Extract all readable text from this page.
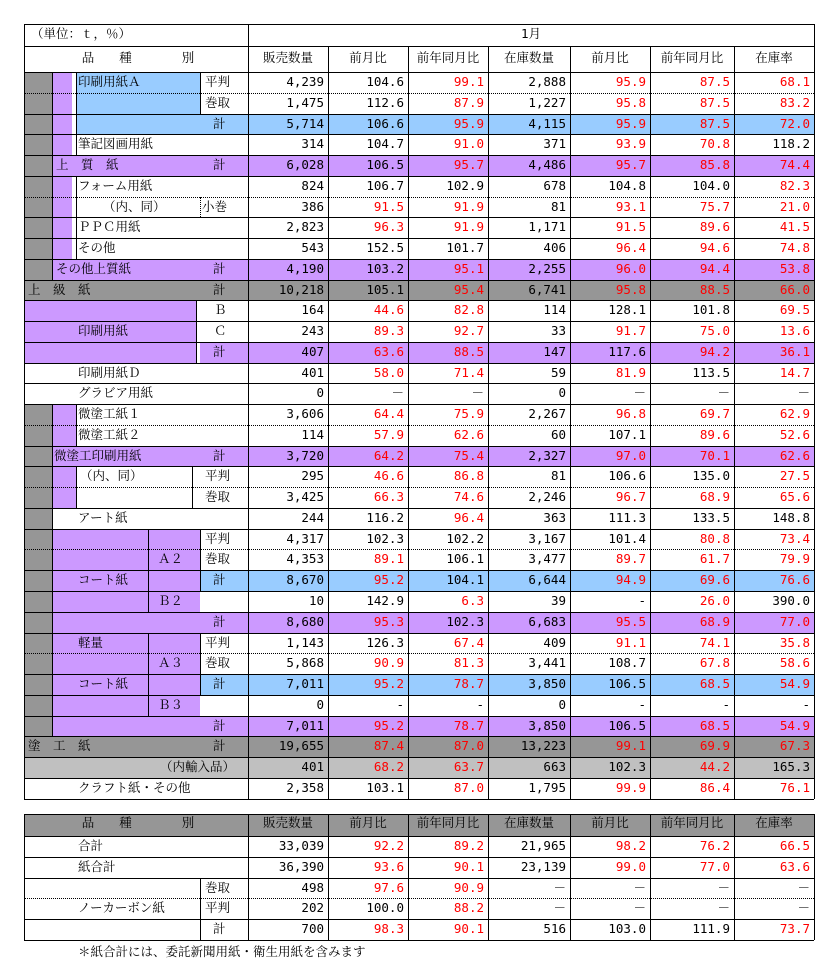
（単位：ｔ，％）	1月
品　　種　　　　別	販売数量	前月比	前年同月比	在庫数量	前月比	前年同月比	在庫率
品　　種　　　　別	販売数量	前月比	前年同月比	在庫数量	前月比	前年同月比	在庫率
印刷用紙Ａ	平判	4,239	104.6	99.1	2,888	95.9	87.5	68.1
巻取	1,475	112.6	87.9	1,227	95.8	87.5	83.2
計	5,714	106.6	95.9	4,115	95.9	87.5	72.0
筆記図画用紙	314	104.7	91.0	371	93.9	70.8	118.2
上　質　紙	計	6,028	106.5	95.7	4,486	95.7	85.8	74.4
フォーム用紙	824	106.7	102.9	678	104.8	104.0	82.3
（内、同）	小巻	386	91.5	91.9	81	93.1	75.7	21.0
ＰＰＣ用紙	2,823	96.3	91.9	1,171	91.5	89.6	41.5
その他	543	152.5	101.7	406	96.4	94.6	74.8
その他上質紙	計	4,190	103.2	95.1	2,255	96.0	94.4	53.8
上　級　紙	計	10,218	105.1	95.4	6,741	95.8	88.5	66.0
Ｂ	164	44.6	82.8	114	128.1	101.8	69.5
印刷用紙	Ｃ	243	89.3	92.7	33	91.7	75.0	13.6
計	407	63.6	88.5	147	117.6	94.2	36.1
印刷用紙Ｄ	401	58.0	71.4	59	81.9	113.5	14.7
グラビア用紙	0	－	－	0	－	－	－
微塗工紙１	3,606	64.4	75.9	2,267	96.8	69.7	62.9
微塗工紙２	114	57.9	62.6	60	107.1	89.6	52.6
微塗工印刷用紙	計	3,720	64.2	75.4	2,327	97.0	70.1	62.6
（内、同）	平判	295	46.6	86.8	81	106.6	135.0	27.5
巻取	3,425	66.3	74.6	2,246	96.7	68.9	65.6
アート紙	244	116.2	96.4	363	111.3	133.5	148.8
平判	4,317	102.3	102.2	3,167	101.4	80.8	73.4
Ａ２	巻取	4,353	89.1	106.1	3,477	89.7	61.7	79.9
コート紙	計	8,670	95.2	104.1	6,644	94.9	69.6	76.6
Ｂ２	10	142.9	6.3	39	-	26.0	390.0
計	8,680	95.3	102.3	6,683	95.5	68.9	77.0
軽量	平判	1,143	126.3	67.4	409	91.1	74.1	35.8
Ａ３	巻取	5,868	90.9	81.3	3,441	108.7	67.8	58.6
コート紙	計	7,011	95.2	78.7	3,850	106.5	68.5	54.9
Ｂ３	0	-	-	0	-	-	-
計	7,011	95.2	78.7	3,850	106.5	68.5	54.9
塗　工　紙	計	19,655	87.4	87.0	13,223	99.1	69.9	67.3
（内輸入品）	401	68.2	63.7	663	102.3	44.2	165.3
クラフト紙・その他	2,358	103.1	87.0	1,795	99.9	86.4	76.1
合計	33,039	92.2	89.2	21,965	98.2	76.2	66.5
紙合計	36,390	93.6	90.1	23,139	99.0	77.0	63.6
巻取	498	97.6	90.9	－	－	－	－
ノーカーボン紙	平判	202	100.0	88.2	－	－	－	－
計	700	98.3	90.1	516	103.0	111.9	73.7
＊紙合計には、委託新聞用紙・衛生用紙を含みます
